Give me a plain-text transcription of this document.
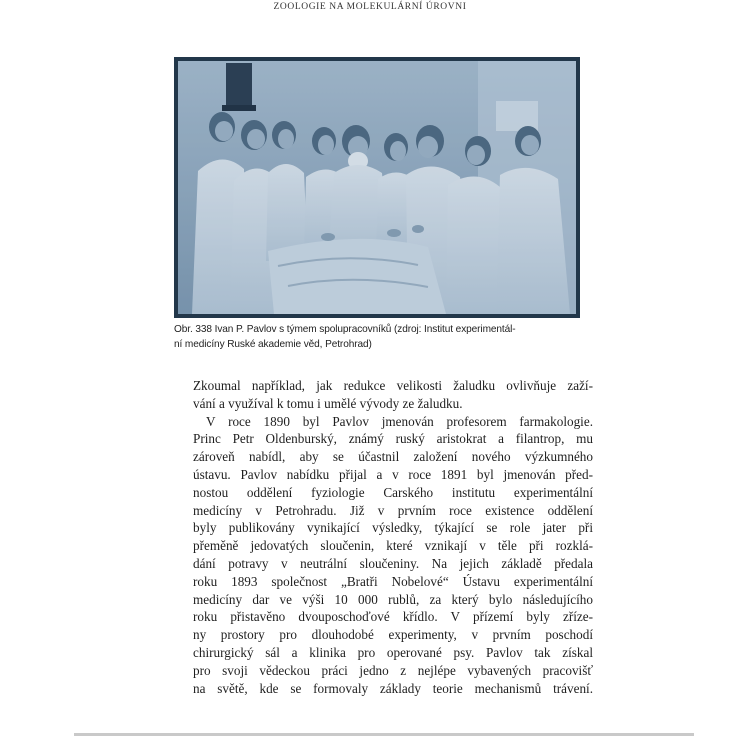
ZOOLOGIE NA MOLEKULÁRNÍ ÚROVNI
Obr. 338 Ivan P. Pavlov s týmem spolupracovníků (zdroj: Institut experimentál-
ní medicíny Ruské akademie věd, Petrohrad)
Zkoumal například, jak redukce velikosti žaludku ovlivňuje zaží-
vání a využíval k tomu i umělé vývody ze žaludku.
V roce 1890 byl Pavlov jmenován profesorem farmakologie.
Princ Petr Oldenburský, známý ruský aristokrat a filantrop, mu
zároveň nabídl, aby se účastnil založení nového výzkumného
ústavu. Pavlov nabídku přijal a v roce 1891 byl jmenován před-
nostou oddělení fyziologie Carského institutu experimentální
medicíny v Petrohradu. Již v prvním roce existence oddělení
byly publikovány vynikající výsledky, týkající se role jater při
přeměně jedovatých sloučenin, které vznikají v těle při rozklá-
dání potravy v neutrální sloučeniny. Na jejich základě předala
roku 1893 společnost „Bratři Nobelové“ Ústavu experimentální
medicíny dar ve výši 10 000 rublů, za který bylo následujícího
roku přistavěno dvouposchoďové křídlo. V přízemí byly zříze-
ny prostory pro dlouhodobé experimenty, v prvním poschodí
chirurgický sál a klinika pro operované psy. Pavlov tak získal
pro svoji vědeckou práci jedno z nejlépe vybavených pracovišť
na světě, kde se formovaly základy teorie mechanismů trávení.
